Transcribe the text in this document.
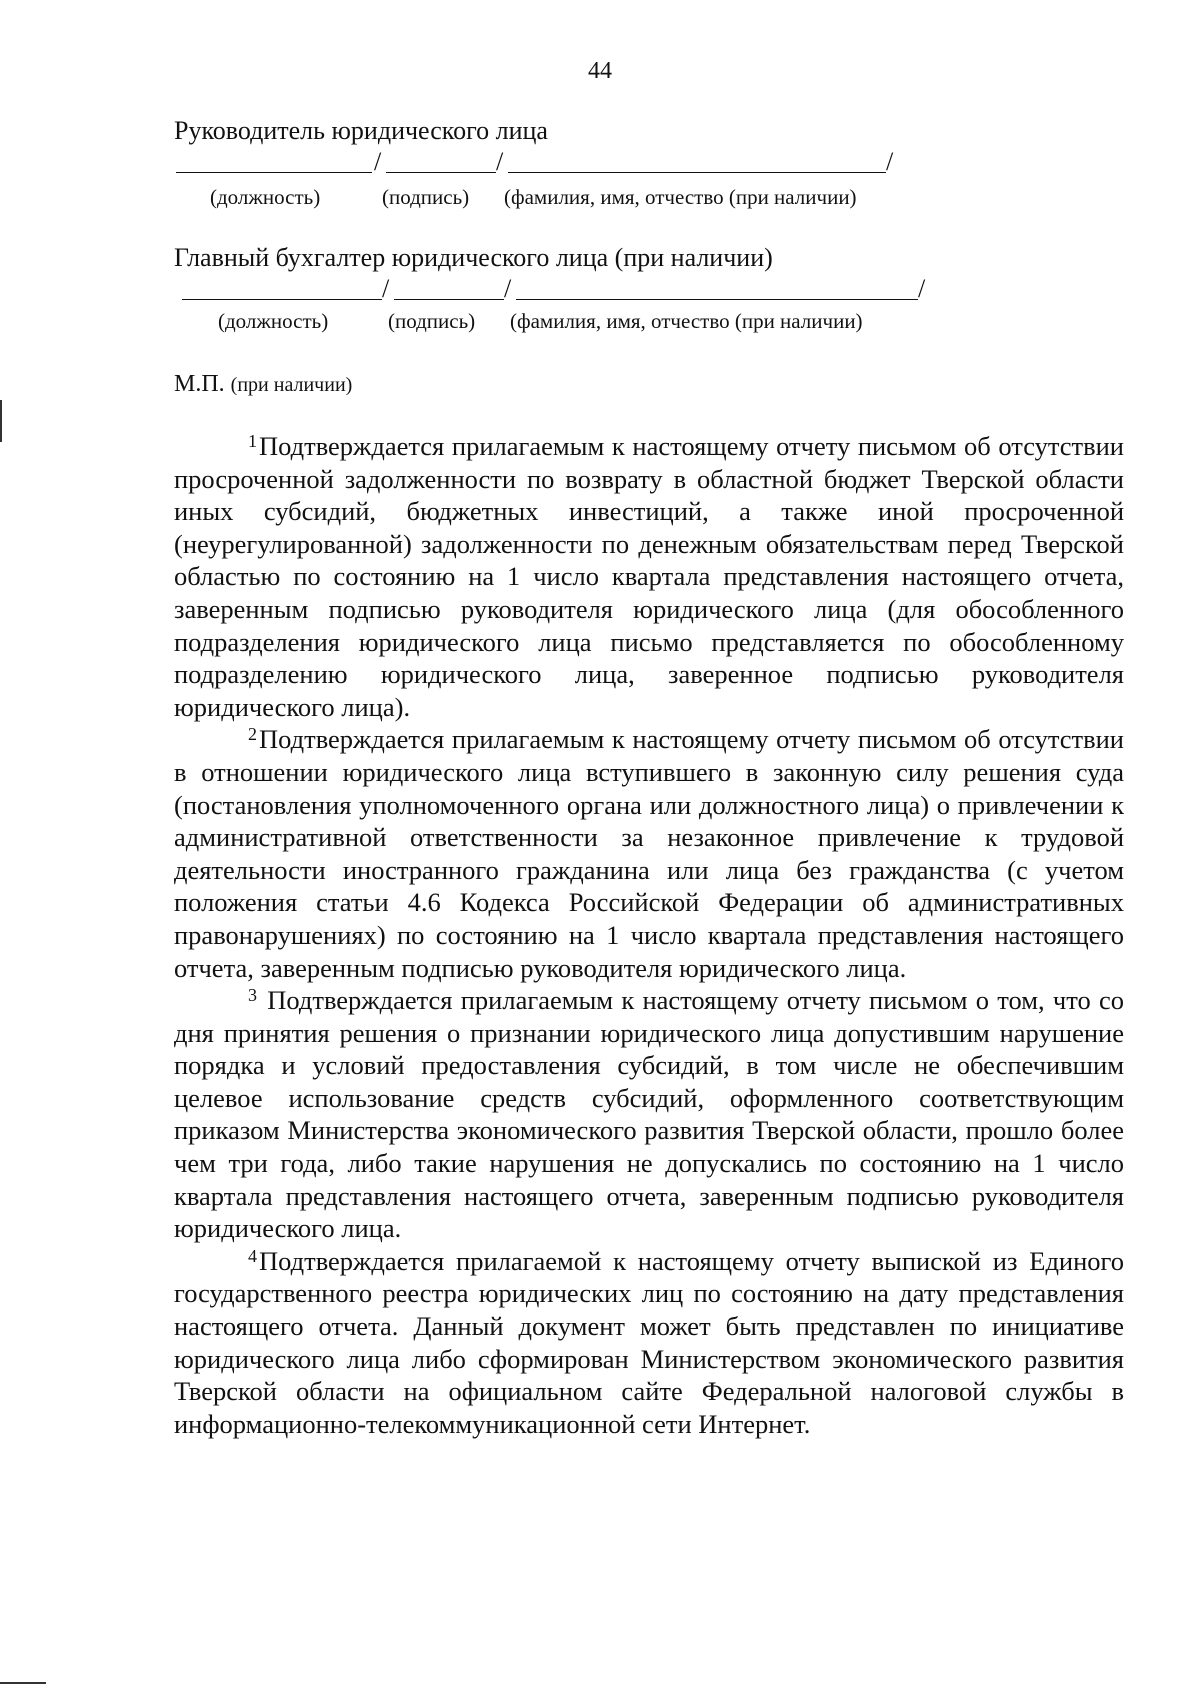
44
Руководитель юридического лица
/	/	/
(должность)	(подпись) (фамилия, имя, отчество (при наличии)
Главный бухгалтер юридического лица (при наличии)
/	/	/
(должность)	(подпись) (фамилия, имя, отчество (при наличии)
М.П. (при наличии)

$^1$Подтверждается прилагаемым к настоящему отчету письмом об отсутствии просроченной задолженности по возврату в областной бюджет Тверской области иных субсидий, бюджетных инвестиций, а также иной просроченной (неурегулированной) задолженности по денежным обязательствам перед Тверской областью по состоянию на 1 число квартала представления настоящего отчета, заверенным подписью руководителя юридического лица (для обособленного подразделения юридического лица письмо представляется по обособленному подразделению юридического лица, заверенное подписью руководителя юридического лица).

$^2$Подтверждается прилагаемым к настоящему отчету письмом об отсутствии в отношении юридического лица вступившего в законную силу решения суда (постановления уполномоченного органа или должностного лица) о привлечении к административной ответственности за незаконное привлечение к трудовой деятельности иностранного гражданина или лица без гражданства (с учетом положения статьи 4.6 Кодекса Российской Федерации об административных правонарушениях) по состоянию на 1 число квартала представления настоящего отчета, заверенным подписью руководителя юридического лица.

$^3$ Подтверждается прилагаемым к настоящему отчету письмом о том, что со дня принятия решения о признании юридического лица допустившим нарушение порядка и условий предоставления субсидий, в том числе не обеспечившим целевое использование средств субсидий, оформленного соответствующим приказом Министерства экономического развития Тверской области, прошло более чем три года, либо такие нарушения не допускались по состоянию на 1 число квартала представления настоящего отчета, заверенным подписью руководителя юридического лица.

$^4$Подтверждается прилагаемой к настоящему отчету выпиской из Единого государственного реестра юридических лиц по состоянию на дату представления настоящего отчета. Данный документ может быть представлен по инициативе юридического лица либо сформирован Министерством экономического развития Тверской области на официальном сайте Федеральной налоговой службы в информационно-телекоммуникационной сети Интернет.
